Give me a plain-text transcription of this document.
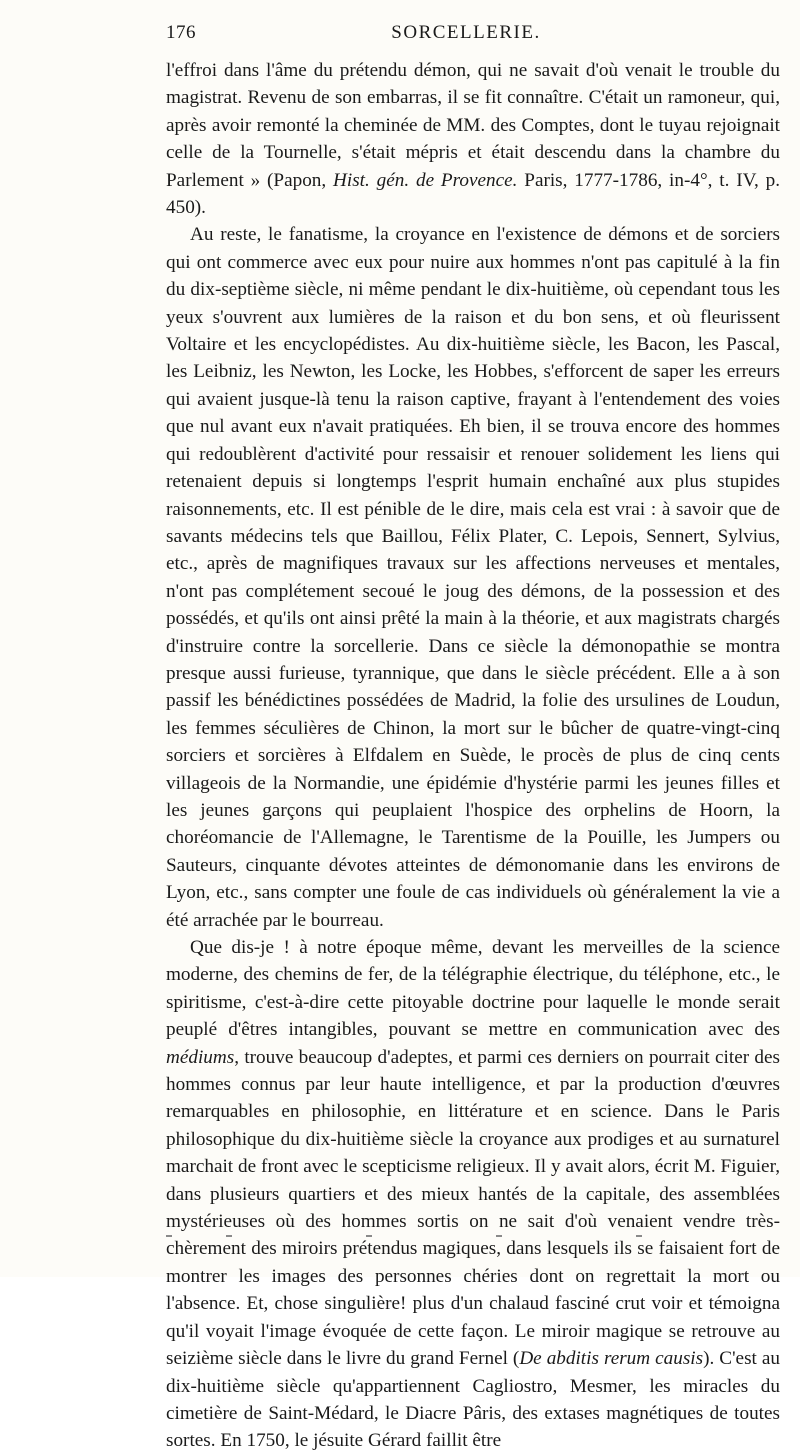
176	SORCELLERIE.

l'effroi dans l'âme du prétendu démon, qui ne savait d'où venait le trouble du magistrat. Revenu de son embarras, il se fit connaître. C'était un ramoneur, qui, après avoir remonté la cheminée de MM. des Comptes, dont le tuyau rejoignait celle de la Tournelle, s'était mépris et était descendu dans la chambre du Parlement » (Papon, Hist. gén. de Provence. Paris, 1777-1786, in-4°, t. IV, p. 450).

Au reste, le fanatisme, la croyance en l'existence de démons et de sorciers qui ont commerce avec eux pour nuire aux hommes n'ont pas capitulé à la fin du dix-septième siècle, ni même pendant le dix-huitième, où cependant tous les yeux s'ouvrent aux lumières de la raison et du bon sens, et où fleurissent Voltaire et les encyclopédistes. Au dix-huitième siècle, les Bacon, les Pascal, les Leibniz, les Newton, les Locke, les Hobbes, s'efforcent de saper les erreurs qui avaient jusque-là tenu la raison captive, frayant à l'entendement des voies que nul avant eux n'avait pratiquées. Eh bien, il se trouva encore des hommes qui redoublèrent d'activité pour ressaisir et renouer solidement les liens qui retenaient depuis si longtemps l'esprit humain enchaîné aux plus stupides raisonnements, etc. Il est pénible de le dire, mais cela est vrai : à savoir que de savants médecins tels que Baillou, Félix Plater, C. Lepois, Sennert, Sylvius, etc., après de magnifiques travaux sur les affections nerveuses et mentales, n'ont pas complétement secoué le joug des démons, de la possession et des possédés, et qu'ils ont ainsi prêté la main à la théorie, et aux magistrats chargés d'instruire contre la sorcellerie. Dans ce siècle la démonopathie se montra presque aussi furieuse, tyrannique, que dans le siècle précédent. Elle a à son passif les bénédictines possédées de Madrid, la folie des ursulines de Loudun, les femmes séculières de Chinon, la mort sur le bûcher de quatre-vingt-cinq sorciers et sorcières à Elfdalem en Suède, le procès de plus de cinq cents villageois de la Normandie, une épidémie d'hystérie parmi les jeunes filles et les jeunes garçons qui peuplaient l'hospice des orphelins de Hoorn, la choréomancie de l'Allemagne, le Tarentisme de la Pouille, les Jumpers ou Sauteurs, cinquante dévotes atteintes de démonomanie dans les environs de Lyon, etc., sans compter une foule de cas individuels où généralement la vie a été arrachée par le bourreau.

Que dis-je ! à notre époque même, devant les merveilles de la science moderne, des chemins de fer, de la télégraphie électrique, du téléphone, etc., le spiritisme, c'est-à-dire cette pitoyable doctrine pour laquelle le monde serait peuplé d'êtres intangibles, pouvant se mettre en communication avec des médiums, trouve beaucoup d'adeptes, et parmi ces derniers on pourrait citer des hommes connus par leur haute intelligence, et par la production d'œuvres remarquables en philosophie, en littérature et en science. Dans le Paris philosophique du dix-huitième siècle la croyance aux prodiges et au surnaturel marchait de front avec le scepticisme religieux. Il y avait alors, écrit M. Figuier, dans plusieurs quartiers et des mieux hantés de la capitale, des assemblées mystérieuses où des hommes sortis on ne sait d'où venaient vendre très-chèrement des miroirs prétendus magiques, dans lesquels ils se faisaient fort de montrer les images des personnes chéries dont on regrettait la mort ou l'absence. Et, chose singulière! plus d'un chalaud fasciné crut voir et témoigna qu'il voyait l'image évoquée de cette façon. Le miroir magique se retrouve au seizième siècle dans le livre du grand Fernel (De abditis rerum causis). C'est au dix-huitième siècle qu'appartiennent Cagliostro, Mesmer, les miracles du cimetière de Saint-Médard, le Diacre Pâris, des extases magnétiques de toutes sortes. En 1750, le jésuite Gérard faillit être
